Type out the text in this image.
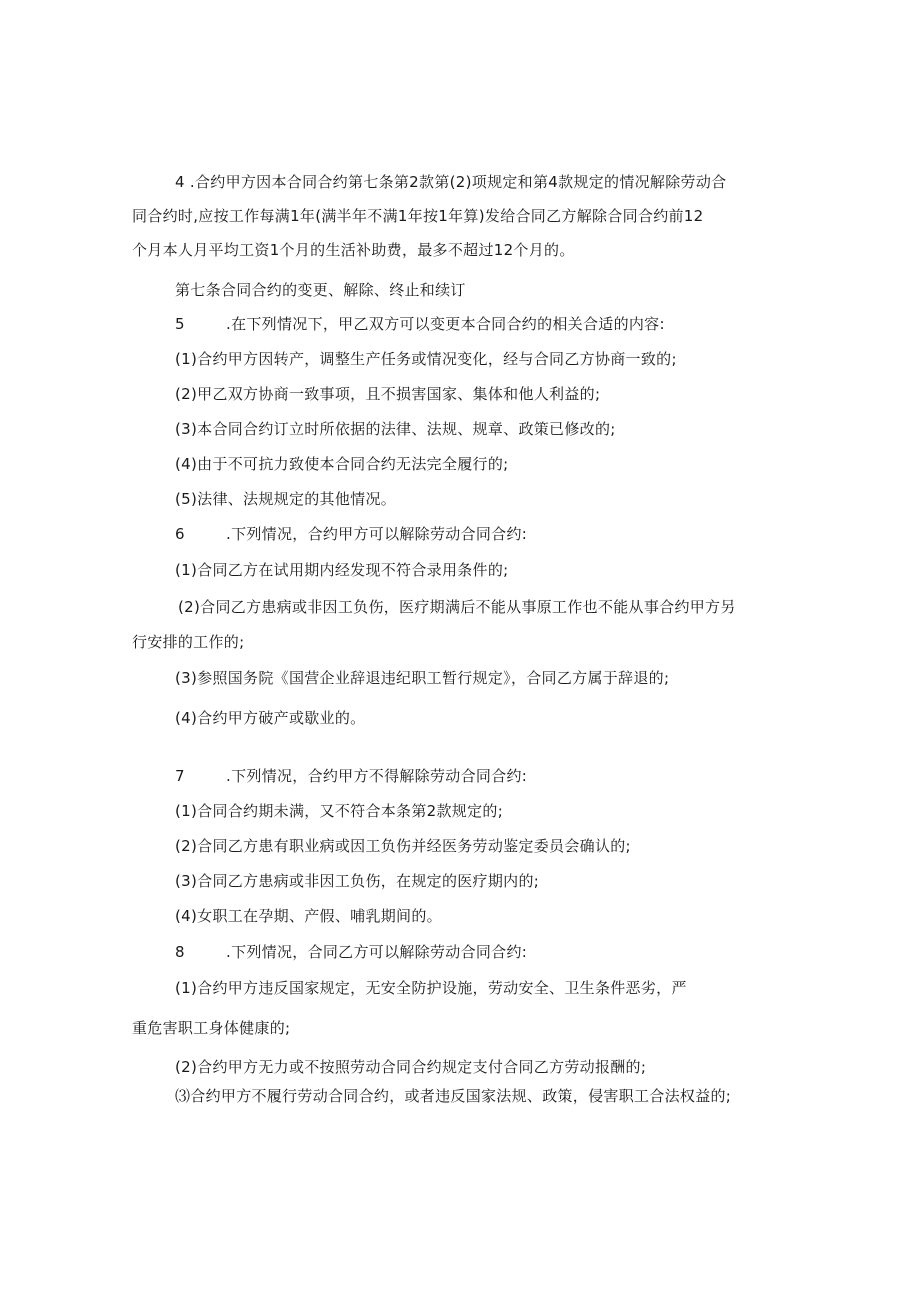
4 .合约甲方因本合同合约第七条第2款第(2)项规定和第4款规定的情况解除劳动合
同合约时,应按工作每满1年(满半年不满1年按1年算)发给合同乙方解除合同合约前12
个月本人月平均工资1个月的生活补助费，最多不超过12个月的。
第七条合同合约的变更、解除、终止和续订
5	.在下列情况下，甲乙双方可以变更本合同合约的相关合适的内容:
(1)合约甲方因转产，调整生产任务或情况变化，经与合同乙方协商一致的;
(2)甲乙双方协商一致事项，且不损害国家、集体和他人利益的;
(3)本合同合约订立时所依据的法律、法规、规章、政策已修改的;
(4)由于不可抗力致使本合同合约无法完全履行的;
(5)法律、法规规定的其他情况。
6	.下列情况，合约甲方可以解除劳动合同合约:
(1)合同乙方在试用期内经发现不符合录用条件的;
(2)合同乙方患病或非因工负伤，医疗期满后不能从事原工作也不能从事合约甲方另
行安排的工作的;
(3)参照国务院《国营企业辞退违纪职工暂行规定》，合同乙方属于辞退的;
(4)合约甲方破产或歇业的。
7	.下列情况，合约甲方不得解除劳动合同合约:
(1)合同合约期未满，又不符合本条第2款规定的;
(2)合同乙方患有职业病或因工负伤并经医务劳动鉴定委员会确认的;
(3)合同乙方患病或非因工负伤，在规定的医疗期内的;
(4)女职工在孕期、产假、哺乳期间的。
8	.下列情况，合同乙方可以解除劳动合同合约:
(1)合约甲方违反国家规定，无安全防护设施，劳动安全、卫生条件恶劣，严
重危害职工身体健康的;
(2)合约甲方无力或不按照劳动合同合约规定支付合同乙方劳动报酬的;
⑶合约甲方不履行劳动合同合约，或者违反国家法规、政策，侵害职工合法权益的;
